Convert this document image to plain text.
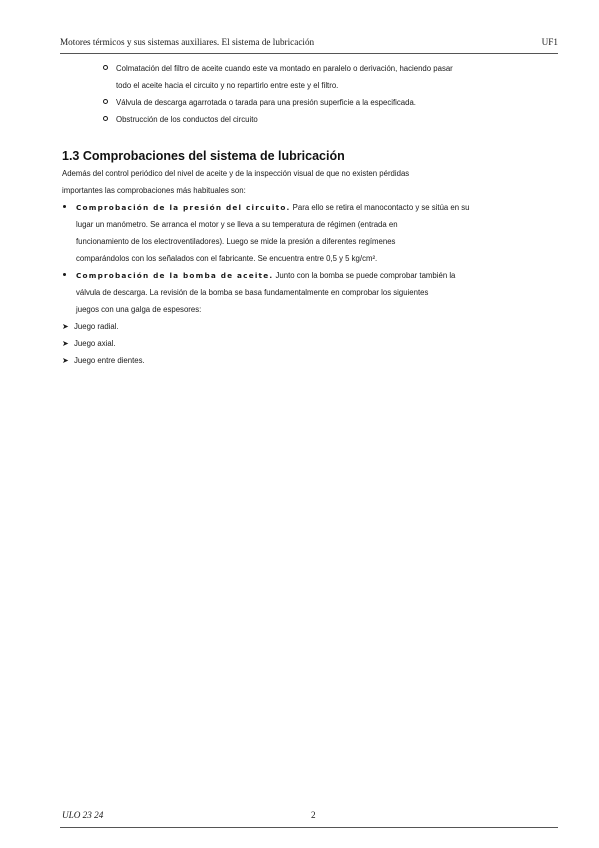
Motores térmicos y sus sistemas auxiliares. El sistema de lubricación	UF1
Colmatación del filtro de aceite cuando este va montado en paralelo o derivación, haciendo pasar
todo el aceite hacia el circuito y no repartirlo entre este y el filtro.
Válvula de descarga agarrotada o tarada para una presión superficie a la especificada.
Obstrucción de los conductos del circuito
1.3 Comprobaciones del sistema de lubricación

Además del control periódico del nivel de aceite y de la inspección visual de que no existen pérdidas

importantes las comprobaciones más habituales son:

Comprobación de la presión del circuito. Para ello se retira el manocontacto y se sitúa en su
lugar un manómetro. Se arranca el motor y se lleva a su temperatura de régimen (entrada en
funcionamiento de los electroventiladores). Luego se mide la presión a diferentes regímenes
comparándolos con los señalados con el fabricante. Se encuentra entre 0,5 y 5 kg/cm².
Comprobación de la bomba de aceite. Junto con la bomba se puede comprobar también la
válvula de descarga. La revisión de la bomba se basa fundamentalmente en comprobar los siguientes
juegos con una galga de espesores:
➤ Juego radial.
➤ Juego axial.
➤ Juego entre dientes.
ULO 23 24	2
